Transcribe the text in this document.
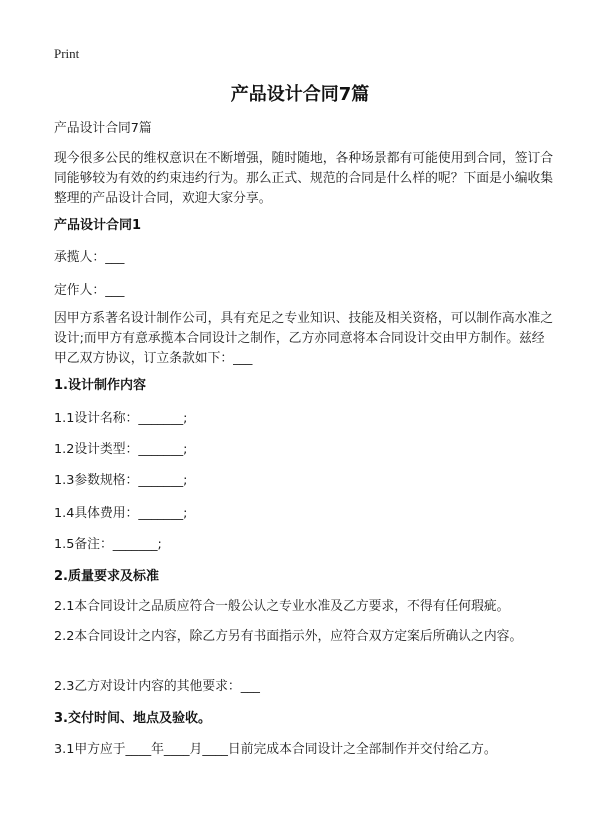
Print
产品设计合同7篇
产品设计合同7篇
现今很多公民的维权意识在不断增强，随时随地，各种场景都有可能使用到合同，签订合同能够较为有效的约束违约行为。那么正式、规范的合同是什么样的呢？下面是小编收集整理的产品设计合同，欢迎大家分享。
产品设计合同1
承揽人：___
定作人：___
因甲方系著名设计制作公司，具有充足之专业知识、技能及相关资格，可以制作高水准之设计;而甲方有意承揽本合同设计之制作，乙方亦同意将本合同设计交由甲方制作。兹经甲乙双方协议，订立条款如下：___
1.设计制作内容
1.1设计名称：_______;
1.2设计类型：_______;
1.3参数规格：_______;
1.4具体费用：_______;
1.5备注：_______;
2.质量要求及标准
2.1本合同设计之品质应符合一般公认之专业水准及乙方要求，不得有任何瑕疵。
2.2本合同设计之内容，除乙方另有书面指示外，应符合双方定案后所确认之内容。
2.3乙方对设计内容的其他要求：___
3.交付时间、地点及验收。
3.1甲方应于____年____月____日前完成本合同设计之全部制作并交付给乙方。
